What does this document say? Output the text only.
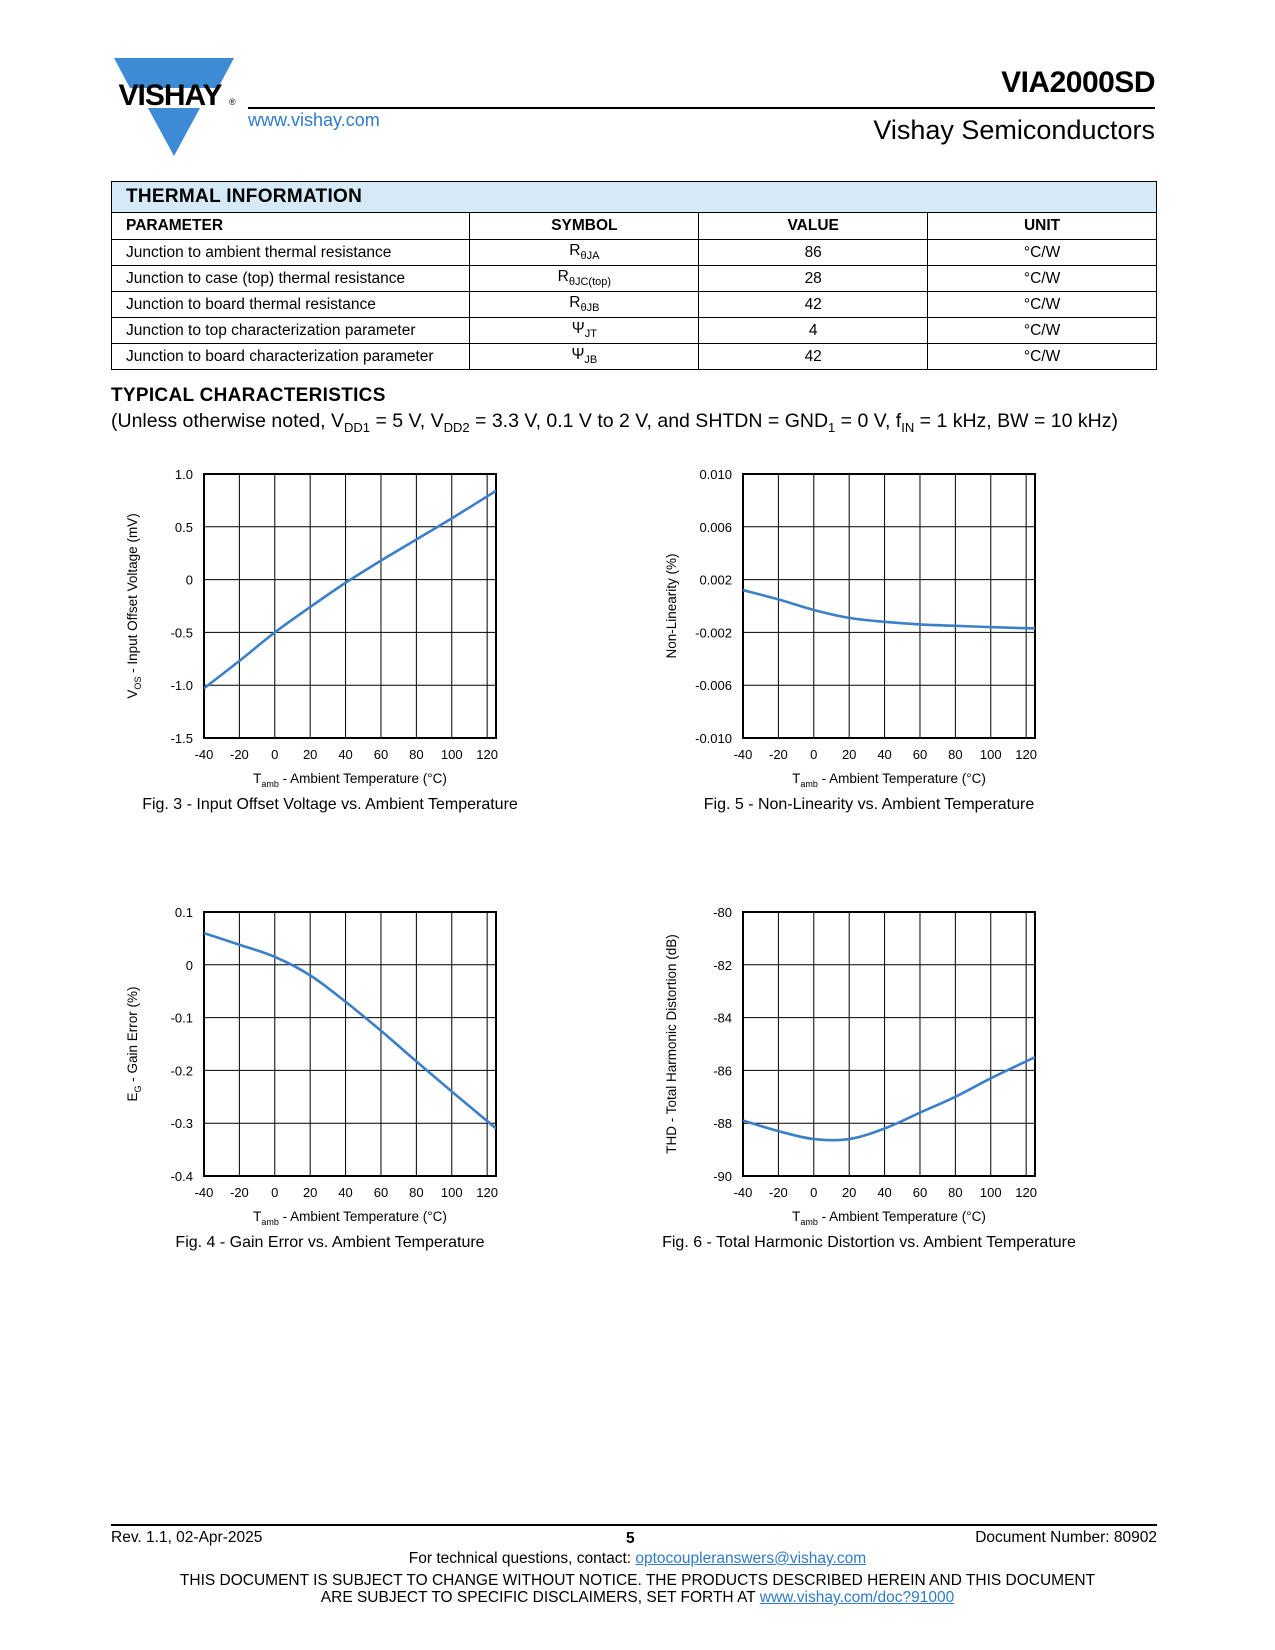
VISHAY ®
www.vishay.com
VIA2000SD
Vishay Semiconductors
THERMAL INFORMATION			
PARAMETER	SYMBOL	VALUE	UNIT
Junction to ambient thermal resistance	$R_{\theta JA}$	86	°C/W
Junction to case (top) thermal resistance	$R_{\theta JC(top)}$	28	°C/W
Junction to board thermal resistance	$R_{\theta JB}$	42	°C/W
Junction to top characterization parameter	$\Psi_{JT}$	4	°C/W
Junction to board characterization parameter	$\Psi_{JB}$	42	°C/W
TYPICAL CHARACTERISTICS
(Unless otherwise noted, $V_{DD1} = 5$ V, $V_{DD2} = 3.3$ V, 0.1 V to 2 V, and SHTDN = $GND_1 = 0$ V, $f_{IN} = 1$ kHz, BW = 10 kHz)
-40 -20 0 20 40 60 80 100 120
1.0
0.5
0
-0.5
-1.0
-1.5
$T_{amb}$ - Ambient Temperature (°C)
$V_{OS}$ - Input Offset Voltage (mV)
Fig. 3 - Input Offset Voltage vs. Ambient Temperature
-40 -20 0 20 40 60 80 100 120
0.010
0.006
0.002
-0.002
-0.006
-0.010
$T_{amb}$ - Ambient Temperature (°C)
Non-Linearity (%)
Fig. 5 - Non-Linearity vs. Ambient Temperature
-40 -20 0 20 40 60 80 100 120
0.1
0
-0.1
-0.2
-0.3
-0.4
$T_{amb}$ - Ambient Temperature (°C)
$E_G$ - Gain Error (%)
Fig. 4 - Gain Error vs. Ambient Temperature
-40 -20 0 20 40 60 80 100 120
-80
-82
-84
-86
-88
-90
$T_{amb}$ - Ambient Temperature (°C)
THD - Total Harmonic Distortion (dB)
Fig. 6 - Total Harmonic Distortion vs. Ambient Temperature
Rev. 1.1, 02-Apr-2025	5	Document Number: 80902
For technical questions, contact: optocoupleranswers@vishay.com
THIS DOCUMENT IS SUBJECT TO CHANGE WITHOUT NOTICE. THE PRODUCTS DESCRIBED HEREIN AND THIS DOCUMENT
ARE SUBJECT TO SPECIFIC DISCLAIMERS, SET FORTH AT www.vishay.com/doc?91000
